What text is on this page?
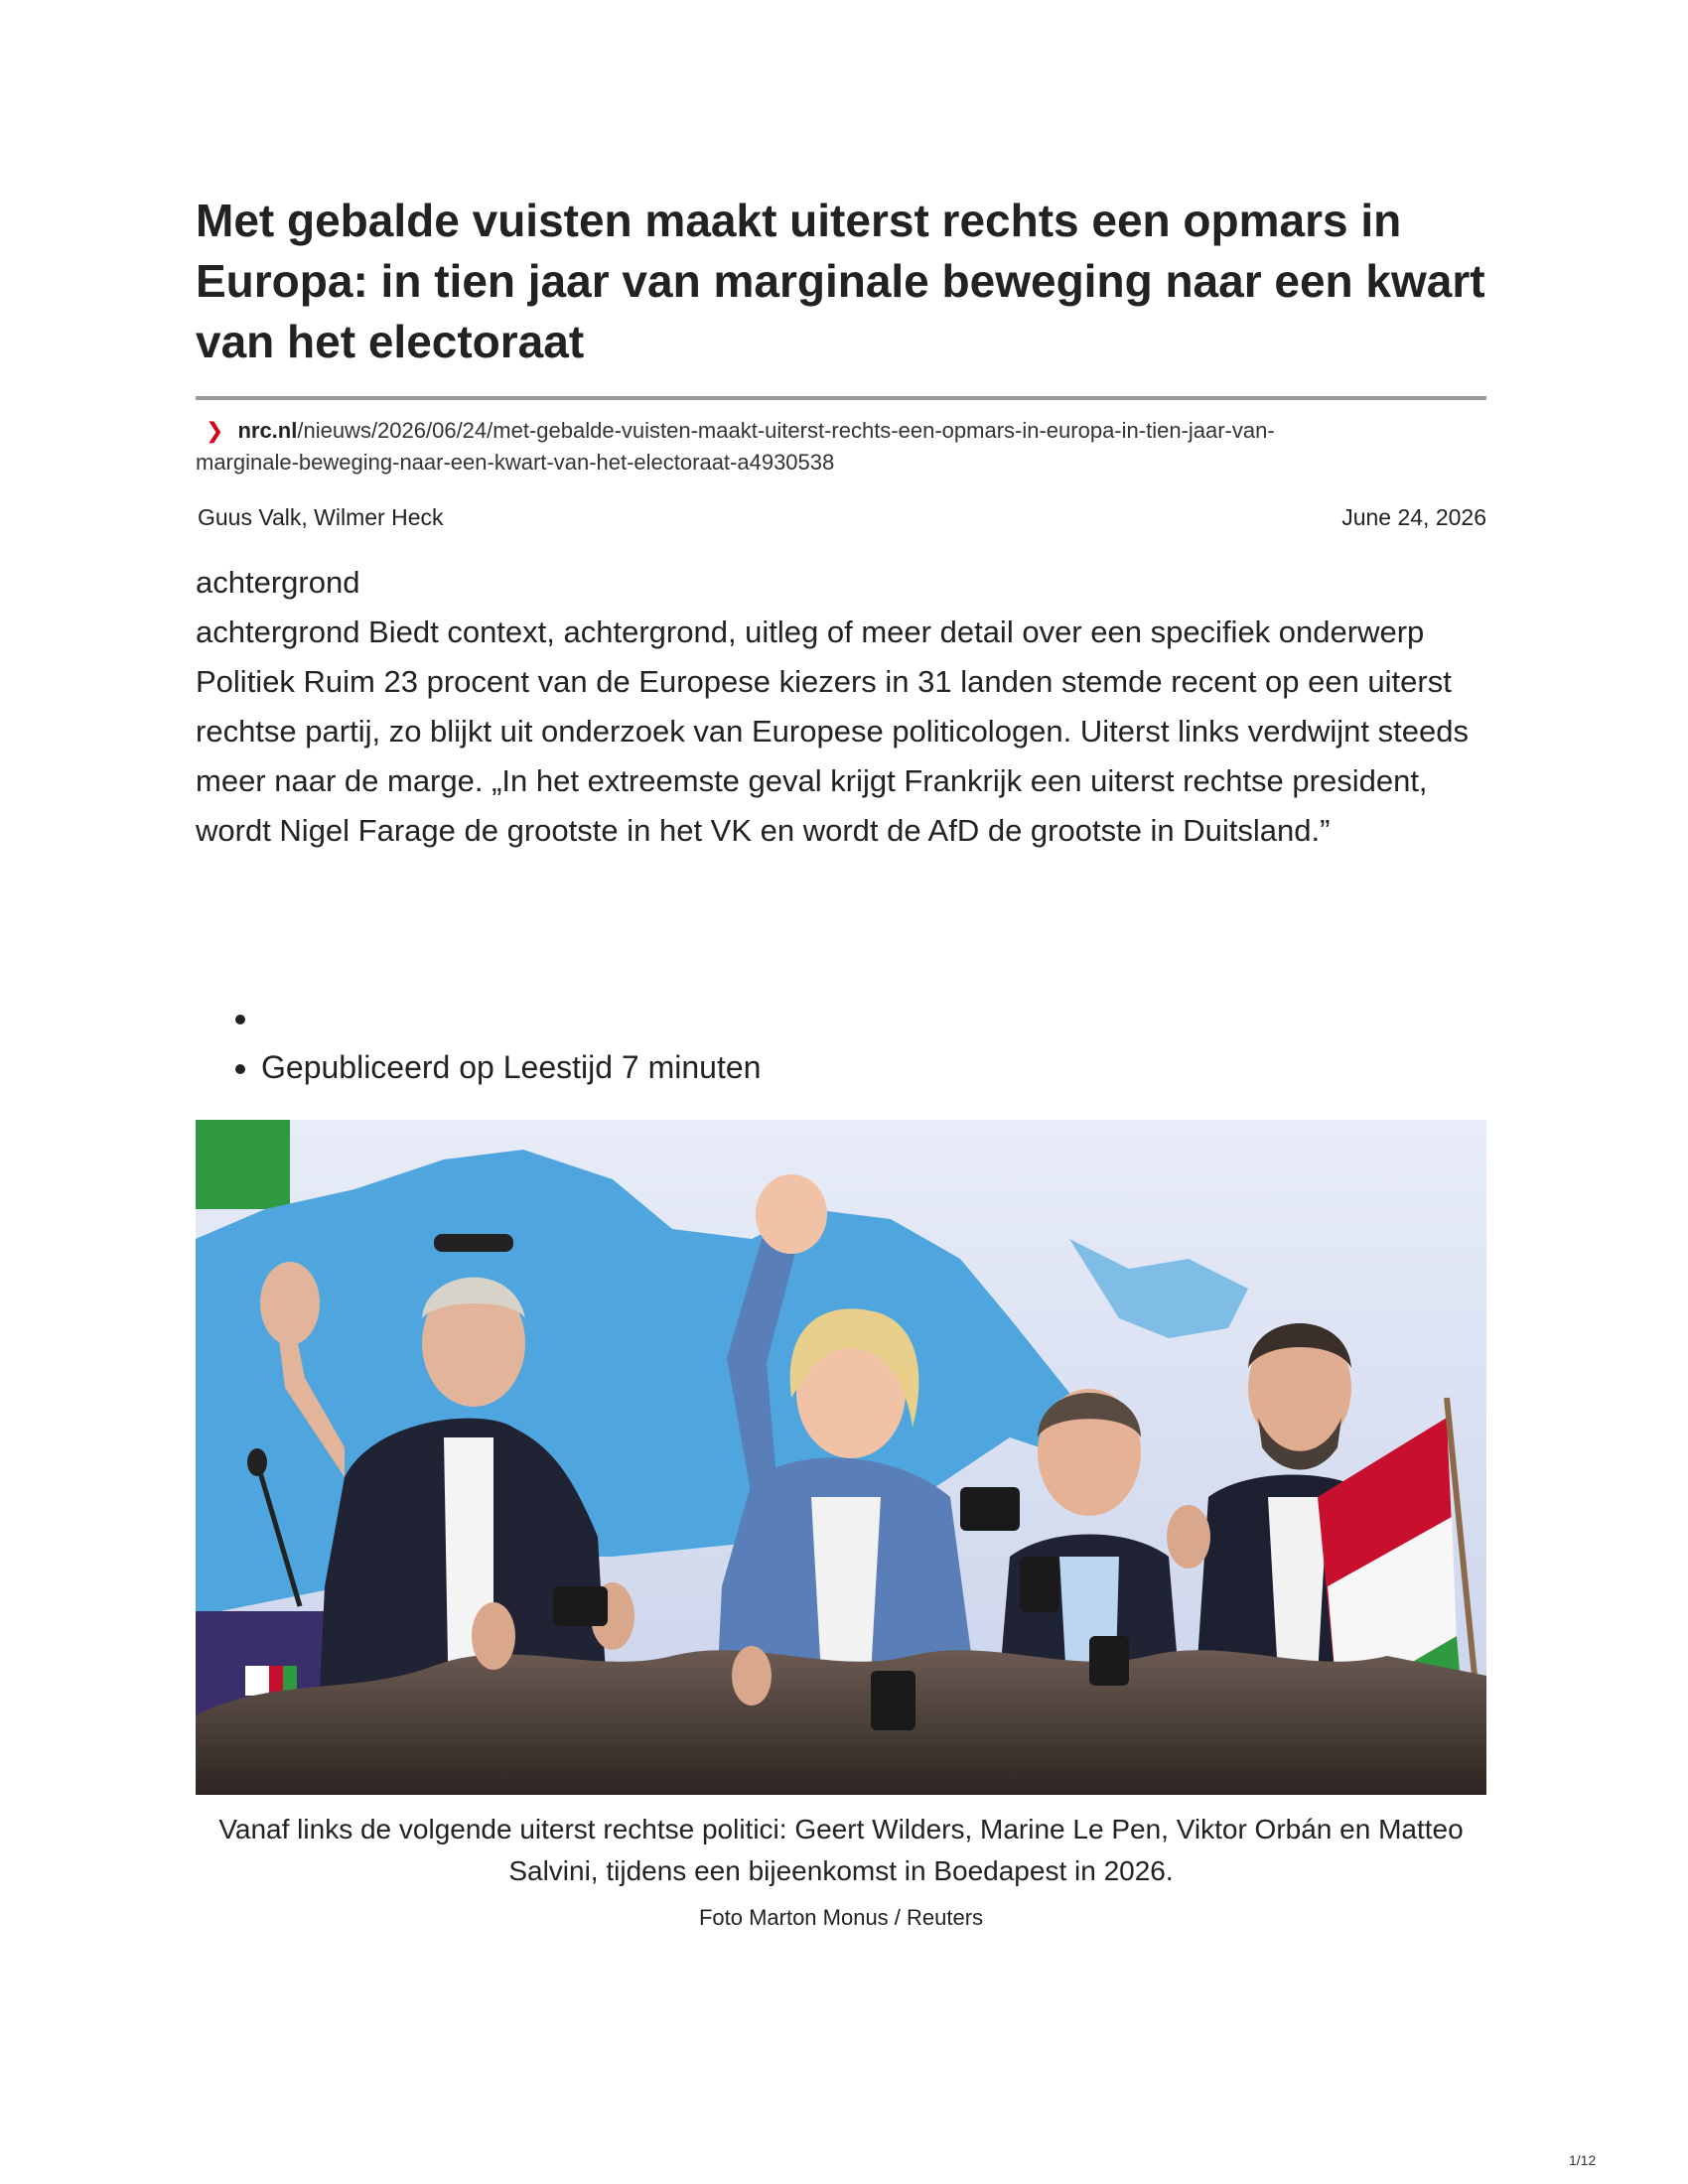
Met gebalde vuisten maakt uiterst rechts een opmars in Europa: in tien jaar van marginale beweging naar een kwart van het electoraat
❯ nrc.nl/nieuws/2026/06/24/met-gebalde-vuisten-maakt-uiterst-rechts-een-opmars-in-europa-in-tien-jaar-van-
marginale-beweging-naar-een-kwart-van-het-electoraat-a4930538
Guus Valk, Wilmer Heck	June 24, 2026

achtergrond

achtergrond Biedt context, achtergrond, uitleg of meer detail over een specifiek onderwerp

Politiek Ruim 23 procent van de Europese kiezers in 31 landen stemde recent op een uiterst rechtse partij, zo blijkt uit onderzoek van Europese politicologen. Uiterst links verdwijnt steeds meer naar de marge. „In het extreemste geval krijgt Frankrijk een uiterst rechtse president, wordt Nigel Farage de grootste in het VK en wordt de AfD de grootste in Duitsland.”

•
• Gepubliceerd op Leestijd 7 minuten
Vanaf links de volgende uiterst rechtse politici: Geert Wilders, Marine Le Pen, Viktor Orbán en Matteo Salvini, tijdens een bijeenkomst in Boedapest in 2026.
Foto Marton Monus / Reuters
1/12
